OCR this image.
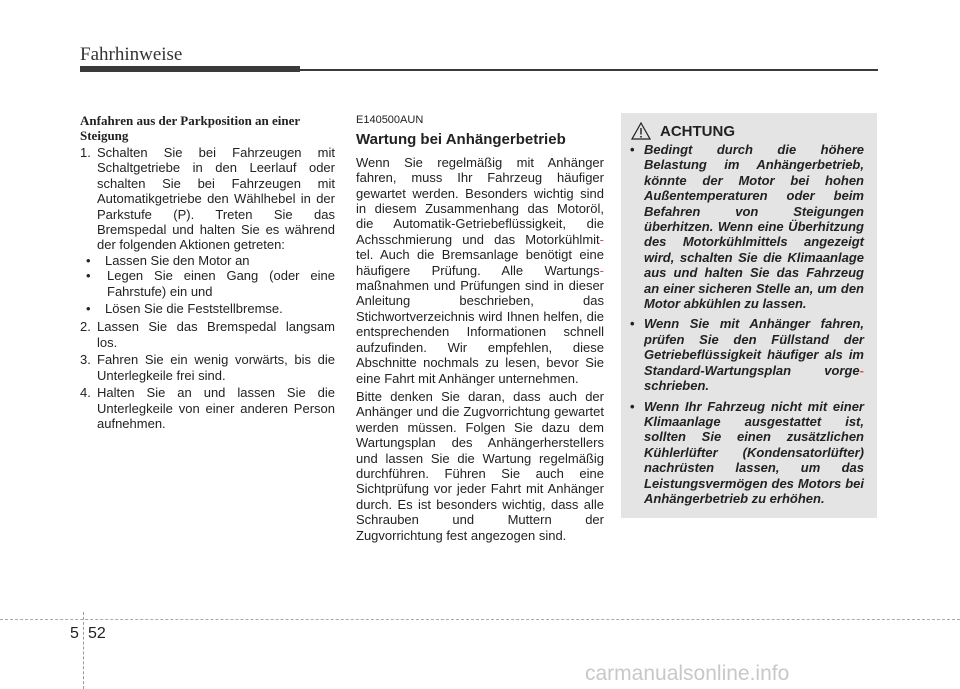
Fahrhinweise
Anfahren aus der Parkposition an einer Steigung
1. Schalten Sie bei Fahrzeugen mit Schaltgetriebe in den Leerlauf oder schalten Sie bei Fahrzeugen mit Automatikgetriebe den Wählhebel in der Parkstufe (P). Treten Sie das Bremspedal und halten Sie es während der folgenden Aktionen getreten:
• Lassen Sie den Motor an
• Legen Sie einen Gang (oder eine Fahrstufe) ein und
• Lösen Sie die Feststellbremse.
2. Lassen Sie das Bremspedal langsam los.
3. Fahren Sie ein wenig vorwärts, bis die Unterlegkeile frei sind.
4. Halten Sie an und lassen Sie die Unterlegkeile von einer anderen Person aufnehmen.
E140500AUN
Wartung bei Anhängerbetrieb
Wenn Sie regelmäßig mit Anhänger fahren, muss Ihr Fahrzeug häufiger gewartet werden. Besonders wichtig sind in diesem Zusammenhang das Motoröl, die Automatik-Getriebeflüssigkeit, die Achsschmierung und das Motorkühlmit- tel. Auch die Bremsanlage benötigt eine häufigere Prüfung. Alle Wartungs- maßnahmen und Prüfungen sind in dieser Anleitung beschrieben, das Stichwortverzeichnis wird Ihnen helfen, die entsprechenden Informationen schnell aufzufinden. Wir empfehlen, diese Abschnitte nochmals zu lesen, bevor Sie eine Fahrt mit Anhänger unternehmen.
Bitte denken Sie daran, dass auch der Anhänger und die Zugvorrichtung gewartet werden müssen. Folgen Sie dazu dem Wartungsplan des Anhängerherstellers und lassen Sie die Wartung regelmäßig durchführen. Führen Sie auch eine Sichtprüfung vor jeder Fahrt mit Anhänger durch. Es ist besonders wichtig, dass alle Schrauben und Muttern der Zugvorrichtung fest angezogen sind.
ACHTUNG
• Bedingt durch die höhere Belastung im Anhängerbetrieb, könnte der Motor bei hohen Außentemperaturen oder beim Befahren von Steigungen überhitzen. Wenn eine Überhitzung des Motorkühlmittels angezeigt wird, schalten Sie die Klimaanlage aus und halten Sie das Fahrzeug an einer sicheren Stelle an, um den Motor abkühlen zu lassen.
• Wenn Sie mit Anhänger fahren, prüfen Sie den Füllstand der Getriebeflüssigkeit häufiger als im Standard-Wartungsplan vorge- schrieben.
• Wenn Ihr Fahrzeug nicht mit einer Klimaanlage ausgestattet ist, sollten Sie einen zusätzlichen Kühlerlüfter (Kondensatorlüfter) nachrüsten lassen, um das Leistungsvermögen des Motors bei Anhängerbetrieb zu erhöhen.
5 52
carmanualsonline.info
